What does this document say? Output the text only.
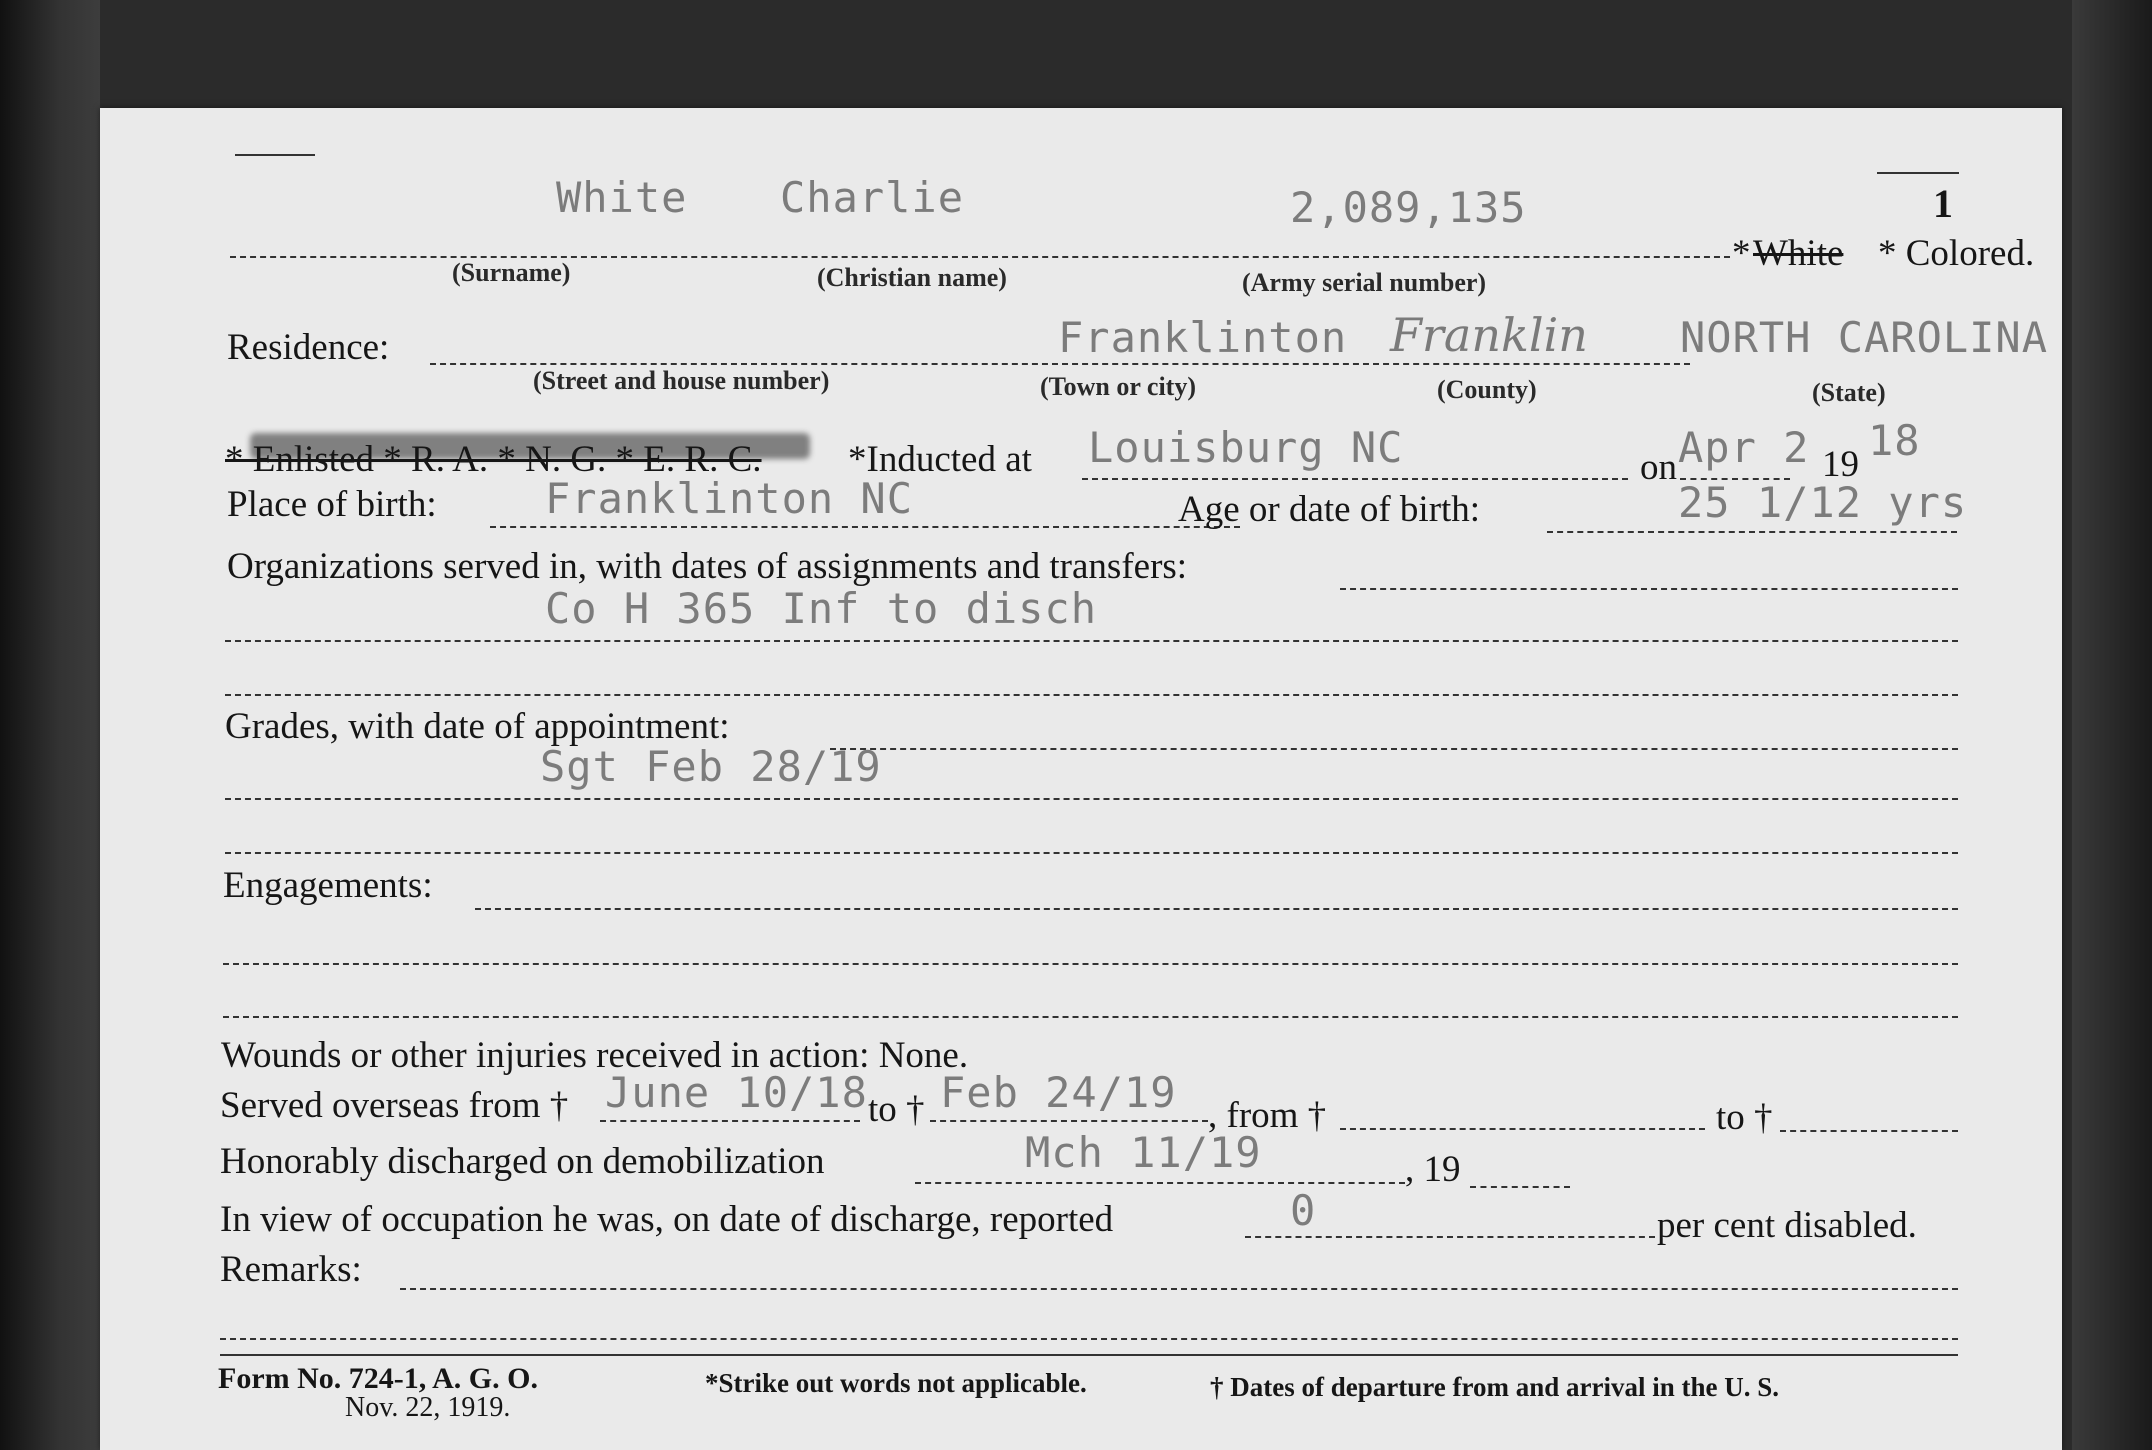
1
White Charlie	2,089,135
* White * Colored.
(Surname)	(Christian name)	(Army serial number)
Residence:	Franklinton Franklin NORTH CAROLINA
(Street and house number)	(Town or city)	(County)	(State)
* Enlisted * R. A. * N. G. * E. R. C. *Inducted at Louisburg NC	on Apr 2 19 18
Place of birth:	Franklinton NC	Age or date of birth:	25 1/12 yrs
Organizations served in, with dates of assignments and transfers:
Co H 365 Inf to disch
Grades, with date of appointment:
Sgt Feb 28/19
Engagements:
Wounds or other injuries received in action: None.
Served overseas from † June 10/18 to † Feb 24/19 , from †	to †
Honorably discharged on demobilization	Mch 11/19	, 19
In view of occupation he was, on date of discharge, reported	0	per cent disabled.
Remarks:
Form No. 724-1, A. G. O.
Nov. 22, 1919.
*Strike out words not applicable.	† Dates of departure from and arrival in the U. S.
